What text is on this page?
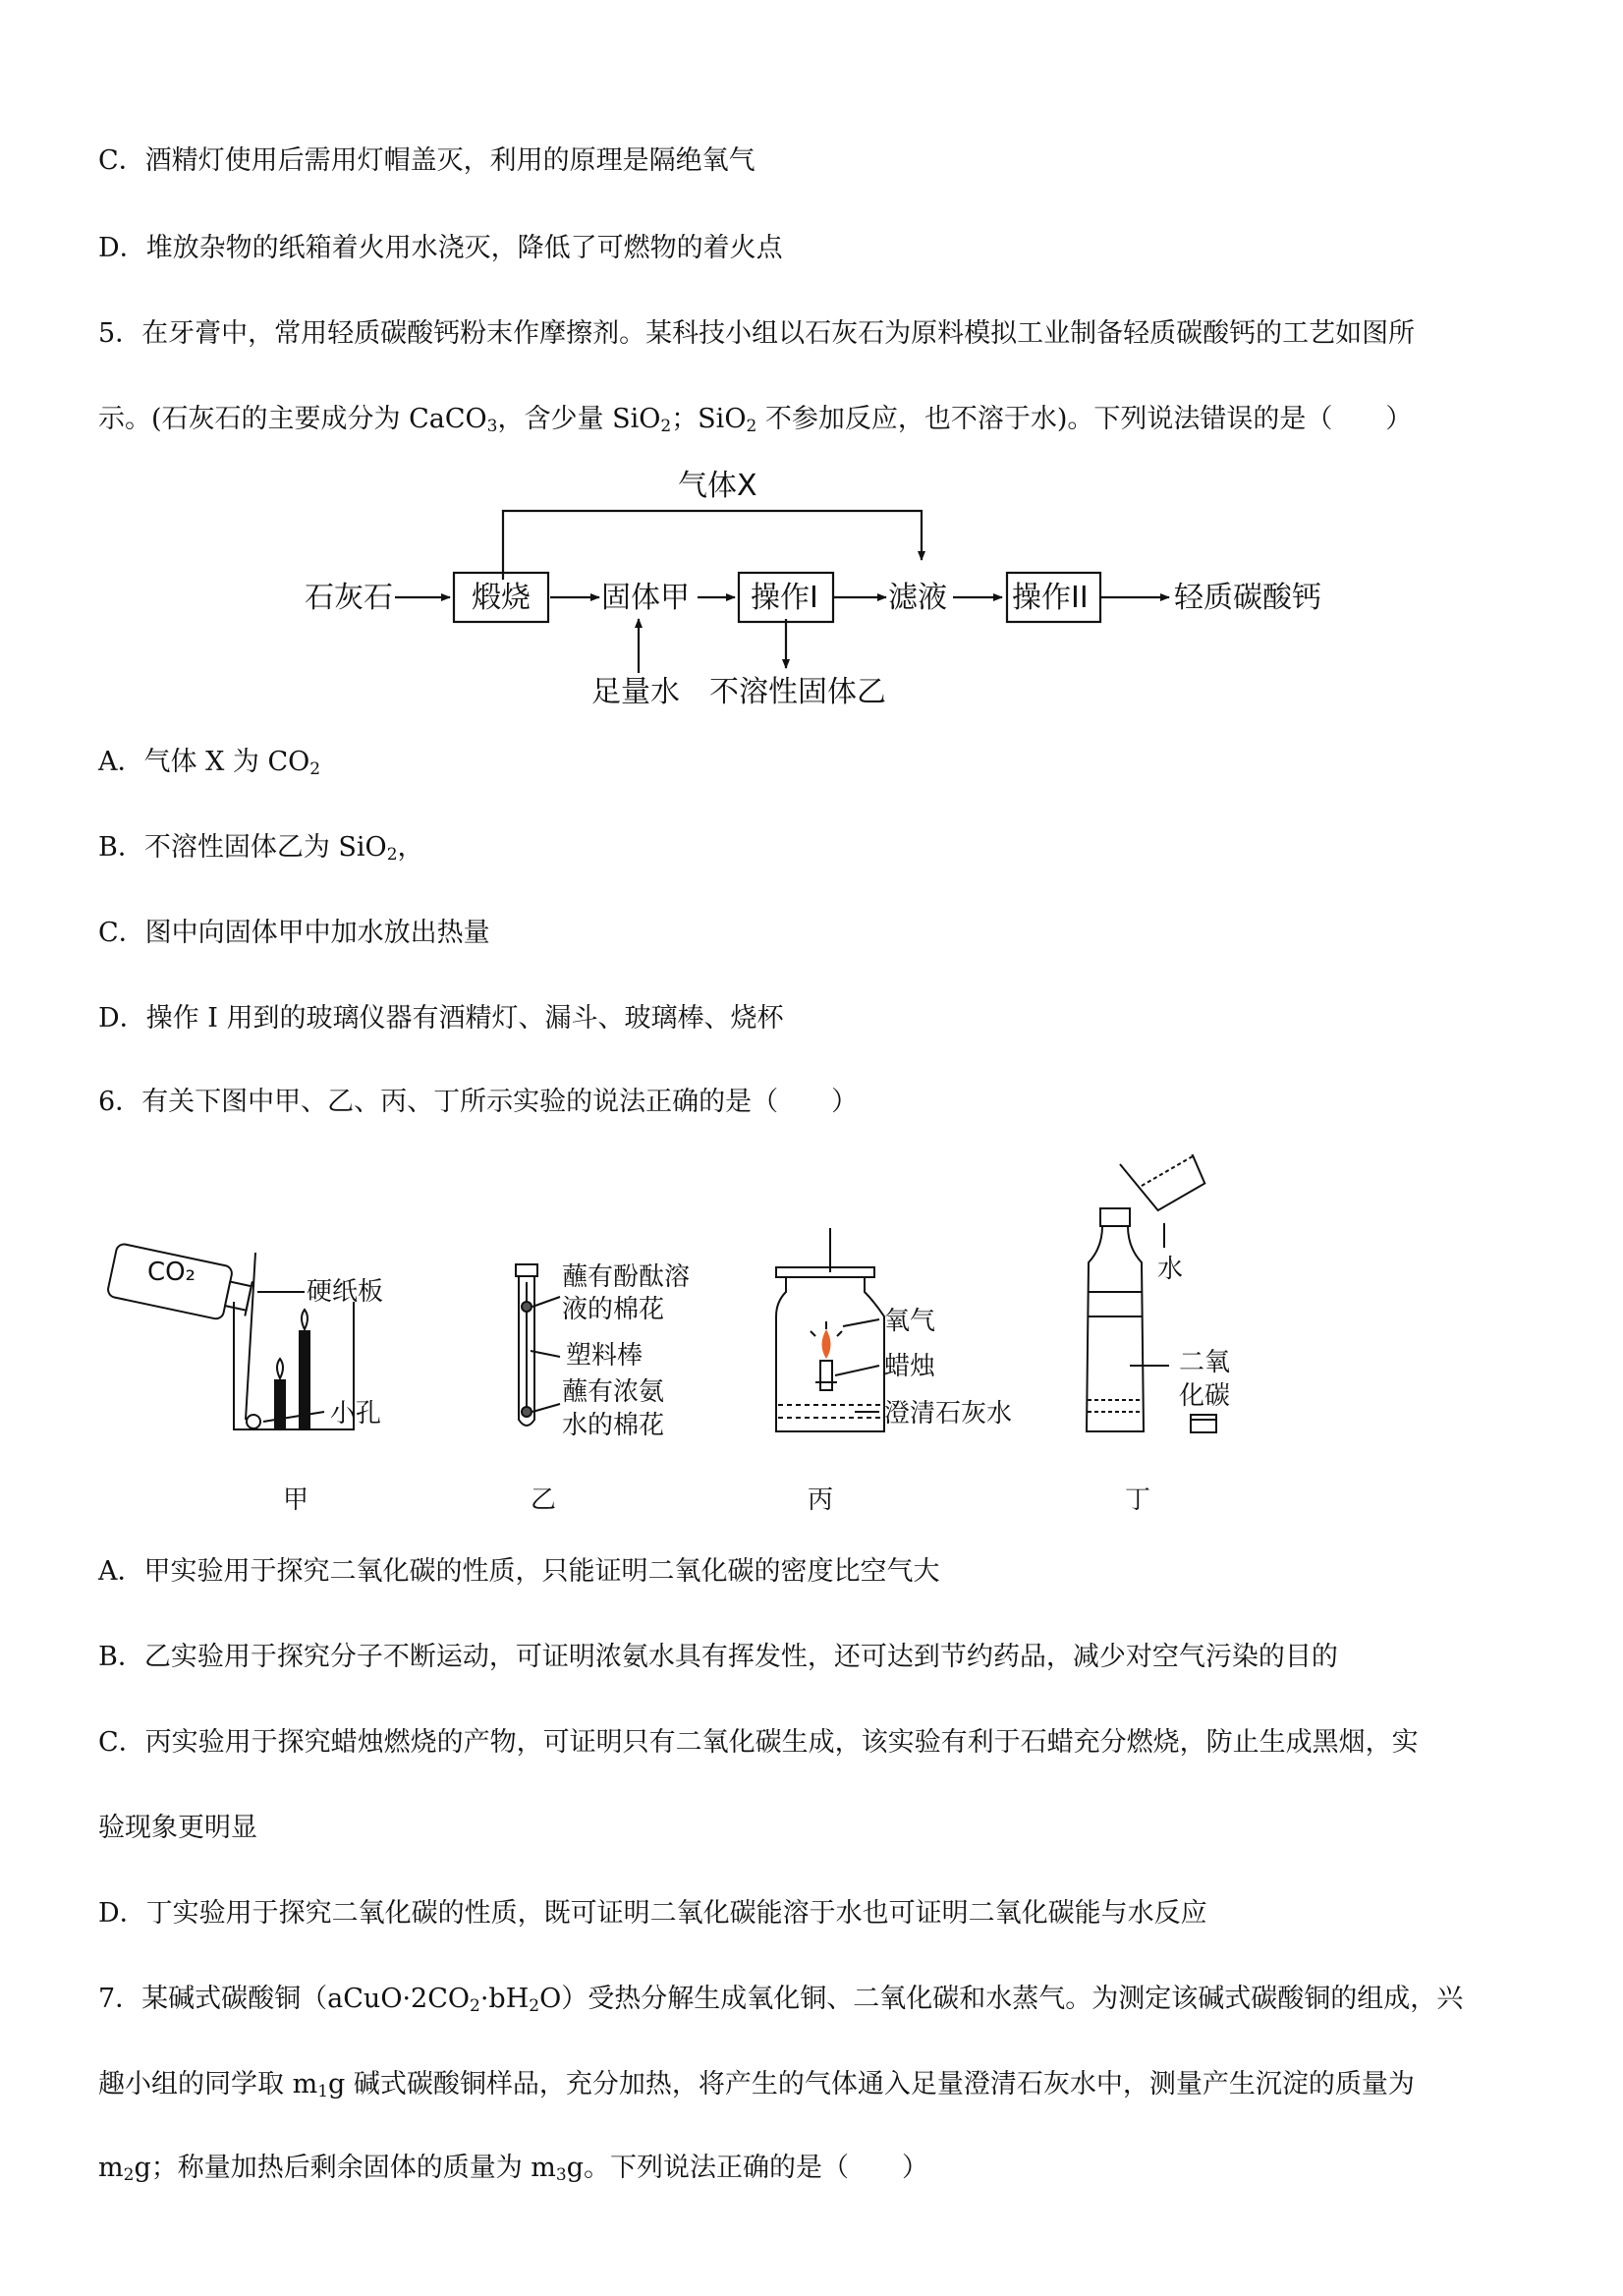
C．酒精灯使用后需用灯帽盖灭，利用的原理是隔绝氧气
D．堆放杂物的纸箱着火用水浇灭，降低了可燃物的着火点
5．在牙膏中，常用轻质碳酸钙粉末作摩擦剂。某科技小组以石灰石为原料模拟工业制备轻质碳酸钙的工艺如图所
示。(石灰石的主要成分为 CaCO$_3$，含少量 SiO$_2$；SiO$_2$ 不参加反应，也不溶于水)。下列说法错误的是（　　）
气体X
石灰石	煅烧 固体甲 操作I 滤液 操作II	轻质碳酸钙
足量水 不溶性固体乙
A．气体 X 为 $CO_2$
B．不溶性固体乙为 SiO$_2$，
C．图中向固体甲中加水放出热量
D．操作 I 用到的玻璃仪器有酒精灯、漏斗、玻璃棒、烧杯
6．有关下图中甲、乙、丙、丁所示实验的说法正确的是（　　）
CO₂
硬纸板
小孔
甲
蘸有酚酞溶
液的棉花
塑料棒
蘸有浓氨
水的棉花
乙
氧气
蜡烛
澄清石灰水
丙
水
二氧
化碳
丁
A．甲实验用于探究二氧化碳的性质，只能证明二氧化碳的密度比空气大
B．乙实验用于探究分子不断运动，可证明浓氨水具有挥发性，还可达到节约药品，减少对空气污染的目的
C．丙实验用于探究蜡烛燃烧的产物，可证明只有二氧化碳生成，该实验有利于石蜡充分燃烧，防止生成黑烟，实
验现象更明显
D．丁实验用于探究二氧化碳的性质，既可证明二氧化碳能溶于水也可证明二氧化碳能与水反应
7．某碱式碳酸铜$(aCuO\cdot 2CO_2\cdot bH_2O)$受热分解生成氧化铜、二氧化碳和水蒸气。为测定该碱式碳酸铜的组成，兴
趣小组的同学取 $m_1g$ 碱式碳酸铜样品，充分加热，将产生的气体通入足量澄清石灰水中，测量产生沉淀的质量为
$m_2g$；称量加热后剩余固体的质量为 $m_3g$。下列说法正确的是（　　）
